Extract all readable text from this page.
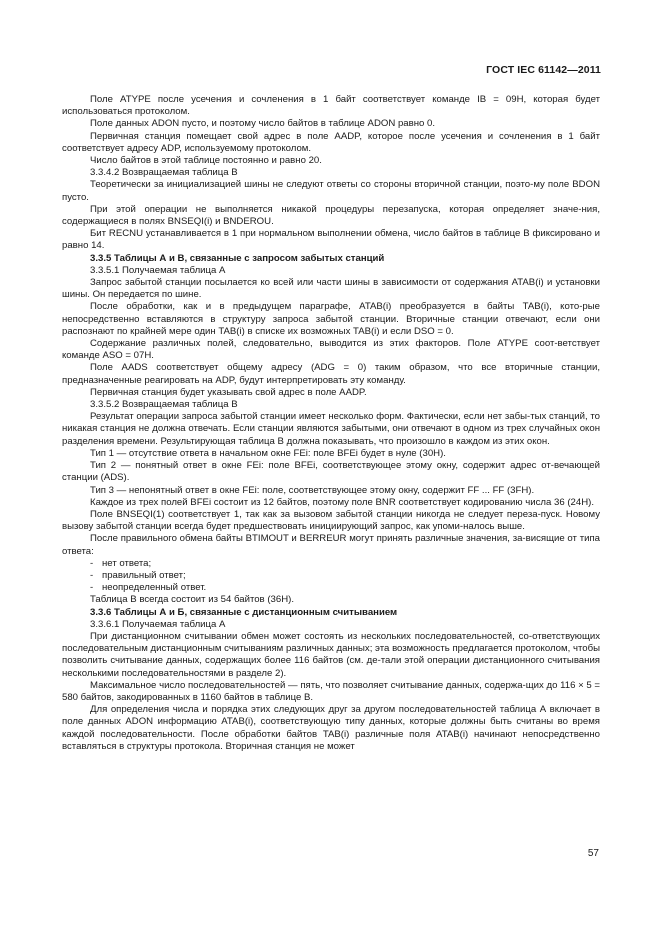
ГОСТ IEC 61142—2011

Поле ATYPE после усечения и сочленения в 1 байт соответствует команде IB = 09H, которая будет использоваться протоколом.

Поле данных ADON пусто, и поэтому число байтов в таблице ADON равно 0.

Первичная станция помещает свой адрес в поле AADP, которое после усечения и сочленения в 1 байт соответствует адресу ADP, используемому протоколом.

Число байтов в этой таблице постоянно и равно 20.

3.3.4.2 Возвращаемая таблица В

Теоретически за инициализацией шины не следуют ответы со стороны вторичной станции, поэто-му поле BDON пусто.

При этой операции не выполняется никакой процедуры перезапуска, которая определяет значе-ния, содержащиеся в полях BNSEQI(i) и BNDEROU.

Бит RECNU устанавливается в 1 при нормальном выполнении обмена, число байтов в таблице В фиксировано и равно 14.

3.3.5 Таблицы А и В, связанные с запросом забытых станций

3.3.5.1 Получаемая таблица А

Запрос забытой станции посылается ко всей или части шины в зависимости от содержания ATAB(i) и установки шины. Он передается по шине.

После обработки, как и в предыдущем параграфе, ATAB(i) преобразуется в байты TAB(i), кото-рые непосредственно вставляются в структуру запроса забытой станции. Вторичные станции отвечают, если они распознают по крайней мере один TAB(i) в списке их возможных TAB(i) и если DSO = 0.

Содержание различных полей, следовательно, выводится из этих факторов. Поле ATYPE соот-ветствует команде ASO = 07H.

Поле AADS соответствует общему адресу (ADG = 0) таким образом, что все вторичные станции, предназначенные реагировать на ADP, будут интерпретировать эту команду.

Первичная станция будет указывать свой адрес в поле AADP.

3.3.5.2 Возвращаемая таблица В

Результат операции запроса забытой станции имеет несколько форм. Фактически, если нет забы-тых станций, то никакая станция не должна отвечать. Если станции являются забытыми, они отвечают в одном из трех случайных окон разделения времени. Результирующая таблица В должна показывать, что произошло в каждом из этих окон.

Тип 1 — отсутствие ответа в начальном окне FEi: поле BFEi будет в нуле (30H).

Тип 2 — понятный ответ в окне FEi: поле BFEi, соответствующее этому окну, содержит адрес от-вечающей станции (ADS).

Тип 3 — непонятный ответ в окне FEi: поле, соответствующее этому окну, содержит FF ... FF (3FH).

Каждое из трех полей BFEi состоит из 12 байтов, поэтому поле BNR соответствует кодированию числа 36 (24H).

Поле BNSEQI(1) соответствует 1, так как за вызовом забытой станции никогда не следует переза-пуск. Новому вызову забытой станции всегда будет предшествовать инициирующий запрос, как упоми-налось выше.

После правильного обмена байты BTIMOUT и BERREUR могут принять различные значения, за-висящие от типа ответа:

- нет ответа;

- правильный ответ;

- неопределенный ответ.

Таблица В всегда состоит из 54 байтов (36H).

3.3.6 Таблицы А и Б, связанные с дистанционным считыванием

3.3.6.1 Получаемая таблица А

При дистанционном считывании обмен может состоять из нескольких последовательностей, со-ответствующих последовательным дистанционным считываниям различных данных; эта возможность предлагается протоколом, чтобы позволить считывание данных, содержащих более 116 байтов (см. де-тали этой операции дистанционного считывания несколькими последовательностями в разделе 2).

Максимальное число последовательностей — пять, что позволяет считывание данных, содержа-щих до 116 × 5 = 580 байтов, закодированных в 1160 байтов в таблице В.

Для определения числа и порядка этих следующих друг за другом последовательностей таблица А включает в поле данных ADON информацию ATAB(i), соответствующую типу данных, которые должны быть считаны во время каждой последовательности. После обработки байтов TAB(i) различные поля ATAB(i) начинают непосредственно вставляться в структуры протокола. Вторичная станция не может

57
